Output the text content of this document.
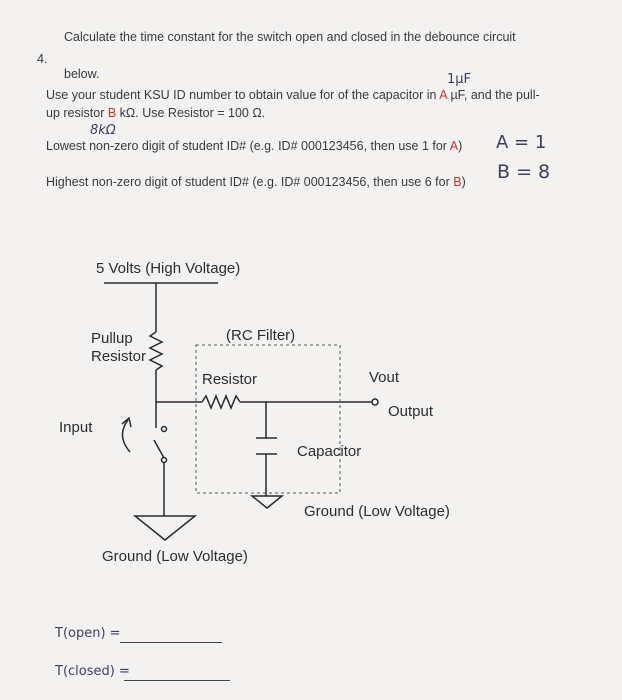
4.
Calculate the time constant for the switch open and closed in the debounce circuit
below.
Use your student KSU ID number to obtain value for of the capacitor in A µF, and the pull-
up resistor B kΩ. Use Resistor = 100 Ω.
1µF
8kΩ
Lowest non-zero digit of student ID# (e.g. ID# 000123456, then use 1 for A)
Highest non-zero digit of student ID# (e.g. ID# 000123456, then use 6 for B)
A = 1
B = 8
5 Volts (High Voltage)
Pullup
Resistor
(RC Filter)
Resistor	Vout
Output
Input
Capacitor
Ground (Low Voltage)
Ground (Low Voltage)
T(open) =
T(closed) =
